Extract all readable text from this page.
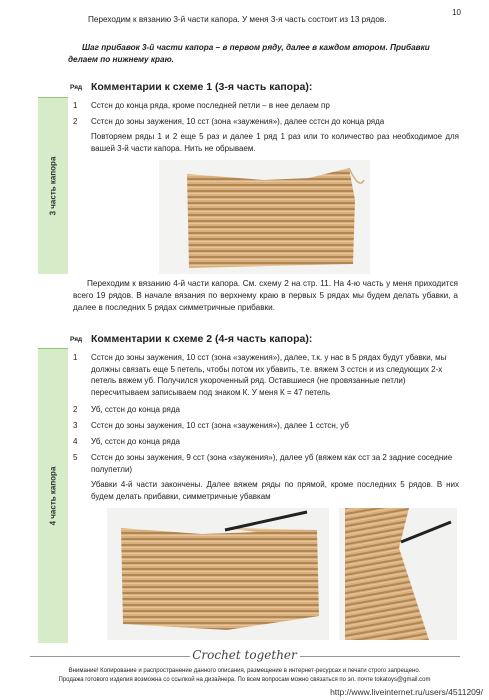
10
Переходим к вязанию 3-й части капора. У меня 3-я часть состоит из 13 рядов.
Шаг прибавок 3-й части капора – в первом ряду, далее в каждом втором. Прибавки делаем по нижнему краю.
3 часть капора
Ряд Комментарии к схеме 1 (3-я часть капора):
1	Сстсн до конца ряда, кроме последней петли – в нее делаем пр
2	Сстсн до зоны заужения, 10 сст (зона «заужения»), далее сстсн до конца ряда
Повторяем ряды 1 и 2 еще 5 раз и далее 1 ряд 1 раз или то количество раз необходимое для вашей 3-й части капора. Нить не обрываем.
Переходим к вязанию 4-й части капора. См. схему 2 на стр. 11. На 4-ю часть у меня приходится всего 19 рядов. В начале вязания по верхнему краю в первых 5 рядах мы будем делать убавки, а далее в последних 5 рядах симметричные прибавки.
4 часть капора
Ряд Комментарии к схеме 2 (4-я часть капора):
1	Сстсн до зоны заужения, 10 сст (зона «заужения»), далее, т.к. у нас в 5 рядах будут убавки, мы должны связать еще 5 петель, чтобы потом их убавить, т.е. вяжем 3 сстсн и из следующих 2-х петель вяжем уб. Получился укороченный ряд. Оставшиеся (не провязанные петли) пересчитываем записываем под знаком К. У меня К = 47 петель
2	Уб, сстсн до конца ряда
3	Сстсн до зоны заужения, 10 сст (зона «заужения»), далее 1 сстсн, уб
4	Уб, сстсн до конца ряда
5	Сстсн до зоны заужения, 9 сст (зона «заужения»), далее уб (вяжем как сст за 2 задние соседние полупетли)
Убавки 4-й части закончены. Далее вяжем ряды по прямой, кроме последних 5 рядов. В них будем делать прибавки, симметричные убавкам
Crochet together
Внимание! Копирование и распространение данного описания, размещение в интернет-ресурсах и печати строго запрещено.
Продажа готового изделия возможна со ссылкой на дизайнера. По всем вопросам можно связаться по эл. почте tokatoys@gmail.com
http://www.liveinternet.ru/users/4511209/
